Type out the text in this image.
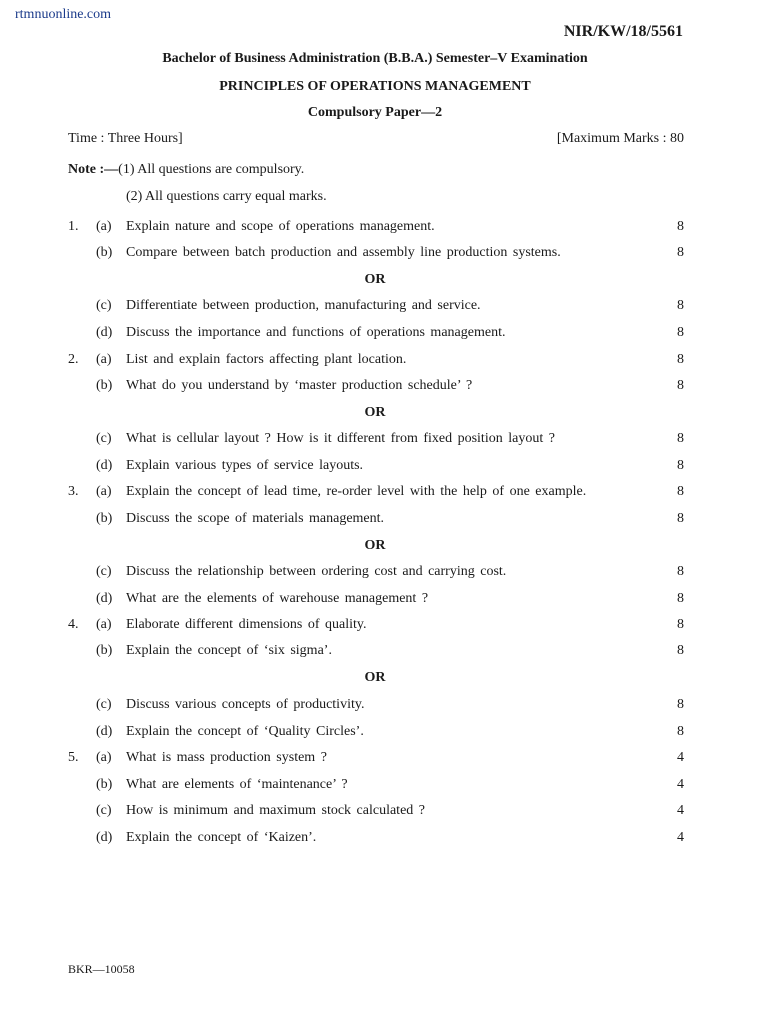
rtmnuonline.com
NIR/KW/18/5561
Bachelor of Business Administration (B.B.A.) Semester–V Examination
PRINCIPLES OF OPERATIONS MANAGEMENT
Compulsory Paper—2
Time : Three Hours]	[Maximum Marks : 80
Note :—(1) All questions are compulsory.
(2) All questions carry equal marks.
1. (a) Explain nature and scope of operations management.	8
(b) Compare between batch production and assembly line production systems.	8
OR
(c) Differentiate between production, manufacturing and service.	8
(d) Discuss the importance and functions of operations management.	8
2. (a) List and explain factors affecting plant location.	8
(b) What do you understand by ‘master production schedule’ ?	8
OR
(c) What is cellular layout ? How is it different from fixed position layout ?	8
(d) Explain various types of service layouts.	8
3. (a) Explain the concept of lead time, re-order level with the help of one example.	8
(b) Discuss the scope of materials management.	8
OR
(c) Discuss the relationship between ordering cost and carrying cost.	8
(d) What are the elements of warehouse management ?	8
4. (a) Elaborate different dimensions of quality.	8
(b) Explain the concept of ‘six sigma’.	8
OR
(c) Discuss various concepts of productivity.	8
(d) Explain the concept of ‘Quality Circles’.	8
5. (a) What is mass production system ?	4
(b) What are elements of ‘maintenance’ ?	4
(c) How is minimum and maximum stock calculated ?	4
(d) Explain the concept of ‘Kaizen’.	4
BKR—10058
